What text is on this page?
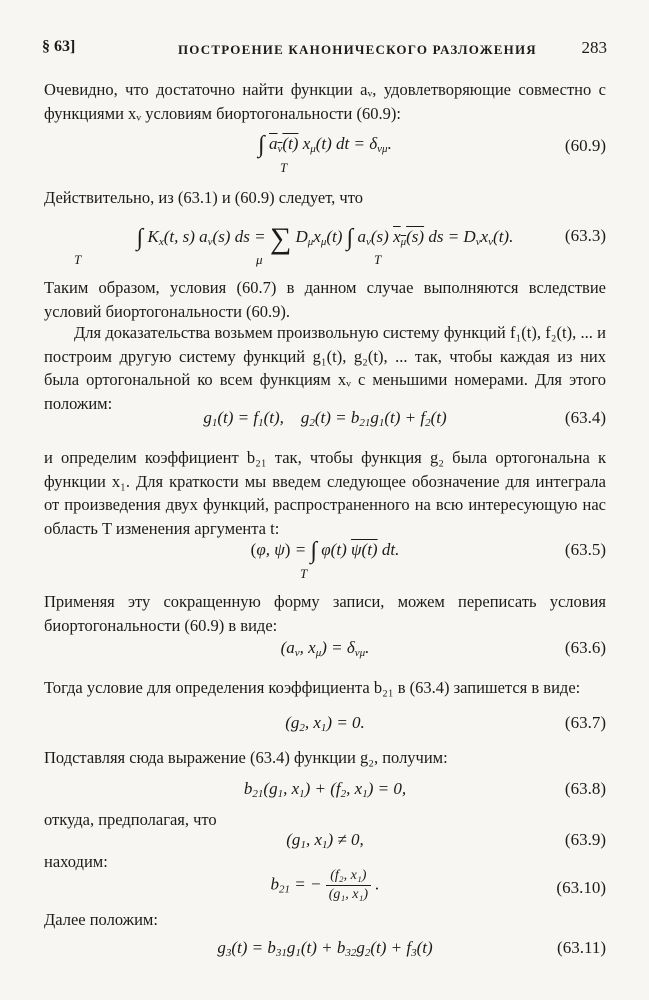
§ 63]	ПОСТРОЕНИЕ КАНОНИЧЕСКОГО РАЗЛОЖЕНИЯ	283
Очевидно, что достаточно найти функции aᵥ, удовлетворяющие совместно с функциями xᵥ условиям биортогональности (60.9):
∫ $a_\nu(t)$ $x_\mu(t)$ dt = $\delta_{\nu\mu}$.
T
(60.9)
Действительно, из (63.1) и (60.9) следует, что
∫ $K_x(t$, s) $a_\nu(s)$ ds = ∑ $D_\mu x_\mu(t)$ ∫ $a_\nu(s)$ $x_\mu(s)$ ds = $D_\nu x_\nu(t)$.
T	μ	T
(63.3)
Таким образом, условия (60.7) в данном случае выполняются вследствие условий биортогональности (60.9).
Для доказательства возьмем произвольную систему функций f₁(t), f₂(t), ... и построим другую систему функций g₁(t), g₂(t), ... так, чтобы каждая из них была ортогональной ко всем функциям xᵥ с меньшими номерами. Для этого положим:
$g_1(t) = f_1(t)$,    $g_2(t) = b_{21}g_1(t) + f_2(t)$	(63.4)
и определим коэффициент b₂₁ так, чтобы функция g₂ была ортогональна к функции x₁. Для краткости мы введем следующее обозначение для интеграла от произведения двух функций, распространенного на всю интересующую нас область T изменения аргумента t:
(φ, ψ) = ∫ φ(t) ψ(t) dt.
T
(63.5)
Применяя эту сокращенную форму записи, можем переписать условия биортогональности (60.9) в виде:
($a_\nu$, $x_\mu) = \delta_{\nu\mu}$.	(63.6)
Тогда условие для определения коэффициента b₂₁ в (63.4) запишется в виде:
($g_2$, $x_1) = 0$.	(63.7)
Подставляя сюда выражение (63.4) функции g₂, получим:
$b_{21}(g_1$, $x_1) + (f_2$, $x_1) = 0$,	(63.8)
откуда, предполагая, что
($g_1$, $x_1) \ne 0$,	(63.9)
находим:
$b_{21}$ = − $\frac{\text{(f₂, x₁)}}{\text{(g₁, x₁)}}$ .	(63.10)
Далее положим:
$g_3(t) = b_{31}g_1(t) + b_{32}g_2(t) + f_3(t)$	(63.11)
